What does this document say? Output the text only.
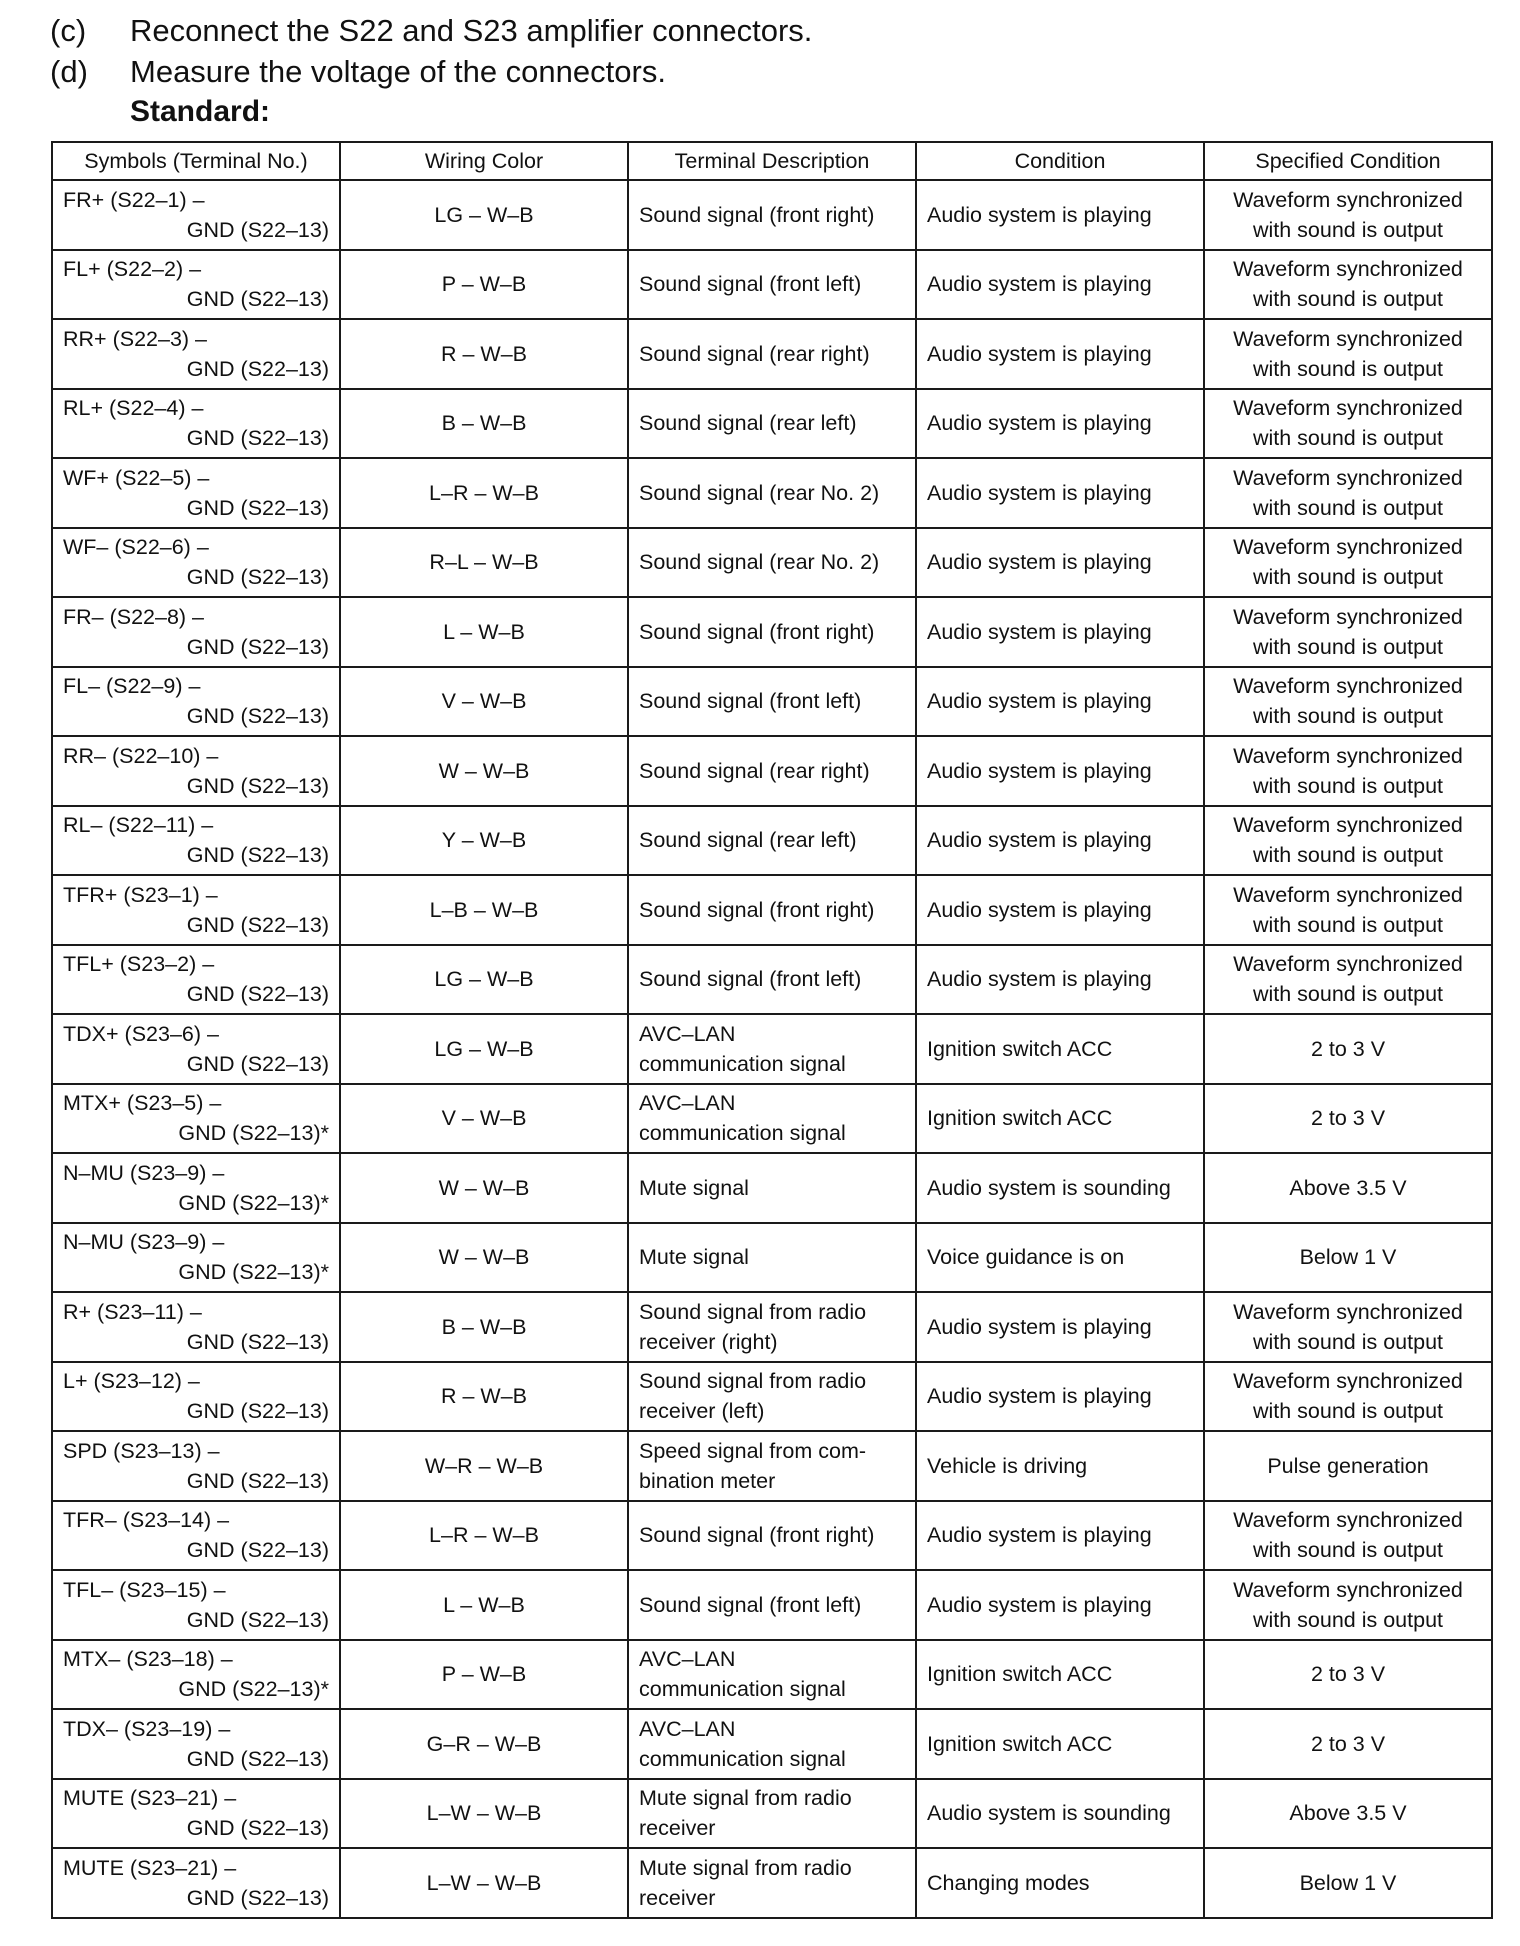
(c)	Reconnect the S22 and S23 amplifier connectors.
(d)	Measure the voltage of the connectors.
Standard:
Symbols (Terminal No.)	Wiring Color	Terminal Description	Condition	Specified Condition

FR+ (S22–1) –
GND (S22–13)	LG – W–B	Sound signal (front right)	Audio system is playing	Waveform synchronized
with sound is output

FL+ (S22–2) –
GND (S22–13)	P – W–B	Sound signal (front left)	Audio system is playing	Waveform synchronized
with sound is output

RR+ (S22–3) –
GND (S22–13)	R – W–B	Sound signal (rear right)	Audio system is playing	Waveform synchronized
with sound is output

RL+ (S22–4) –
GND (S22–13)	B – W–B	Sound signal (rear left)	Audio system is playing	Waveform synchronized
with sound is output

WF+ (S22–5) –
GND (S22–13)	L–R – W–B	Sound signal (rear No. 2)	Audio system is playing	Waveform synchronized
with sound is output

WF– (S22–6) –
GND (S22–13)	R–L – W–B	Sound signal (rear No. 2)	Audio system is playing	Waveform synchronized
with sound is output

FR– (S22–8) –
GND (S22–13)	L – W–B	Sound signal (front right)	Audio system is playing	Waveform synchronized
with sound is output

FL– (S22–9) –
GND (S22–13)	V – W–B	Sound signal (front left)	Audio system is playing	Waveform synchronized
with sound is output

RR– (S22–10) –
GND (S22–13)	W – W–B	Sound signal (rear right)	Audio system is playing	Waveform synchronized
with sound is output

RL– (S22–11) –
GND (S22–13)	Y – W–B	Sound signal (rear left)	Audio system is playing	Waveform synchronized
with sound is output

TFR+ (S23–1) –
GND (S22–13)	L–B – W–B	Sound signal (front right)	Audio system is playing	Waveform synchronized
with sound is output

TFL+ (S23–2) –
GND (S22–13)	LG – W–B	Sound signal (front left)	Audio system is playing	Waveform synchronized
with sound is output

TDX+ (S23–6) –
GND (S22–13)	LG – W–B	AVC–LAN
communication signal	Ignition switch ACC	2 to 3 V

MTX+ (S23–5) –
GND (S22–13)*	V – W–B	AVC–LAN
communication signal	Ignition switch ACC	2 to 3 V

N–MU (S23–9) –
GND (S22–13)*	W – W–B	Mute signal	Audio system is sounding	Above 3.5 V

N–MU (S23–9) –
GND (S22–13)*	W – W–B	Mute signal	Voice guidance is on	Below 1 V

R+ (S23–11) –
GND (S22–13)	B – W–B	Sound signal from radio
receiver (right)	Audio system is playing	Waveform synchronized
with sound is output

L+ (S23–12) –
GND (S22–13)	R – W–B	Sound signal from radio
receiver (left)	Audio system is playing	Waveform synchronized
with sound is output

SPD (S23–13) –
GND (S22–13)	W–R – W–B	Speed signal from com-
bination meter	Vehicle is driving	Pulse generation

TFR– (S23–14) –
GND (S22–13)	L–R – W–B	Sound signal (front right)	Audio system is playing	Waveform synchronized
with sound is output

TFL– (S23–15) –
GND (S22–13)	L – W–B	Sound signal (front left)	Audio system is playing	Waveform synchronized
with sound is output

MTX– (S23–18) –
GND (S22–13)*	P – W–B	AVC–LAN
communication signal	Ignition switch ACC	2 to 3 V

TDX– (S23–19) –
GND (S22–13)	G–R – W–B	AVC–LAN
communication signal	Ignition switch ACC	2 to 3 V

MUTE (S23–21) –
GND (S22–13)	L–W – W–B	Mute signal from radio
receiver	Audio system is sounding	Above 3.5 V

MUTE (S23–21) –
GND (S22–13)	L–W – W–B	Mute signal from radio
receiver	Changing modes	Below 1 V
